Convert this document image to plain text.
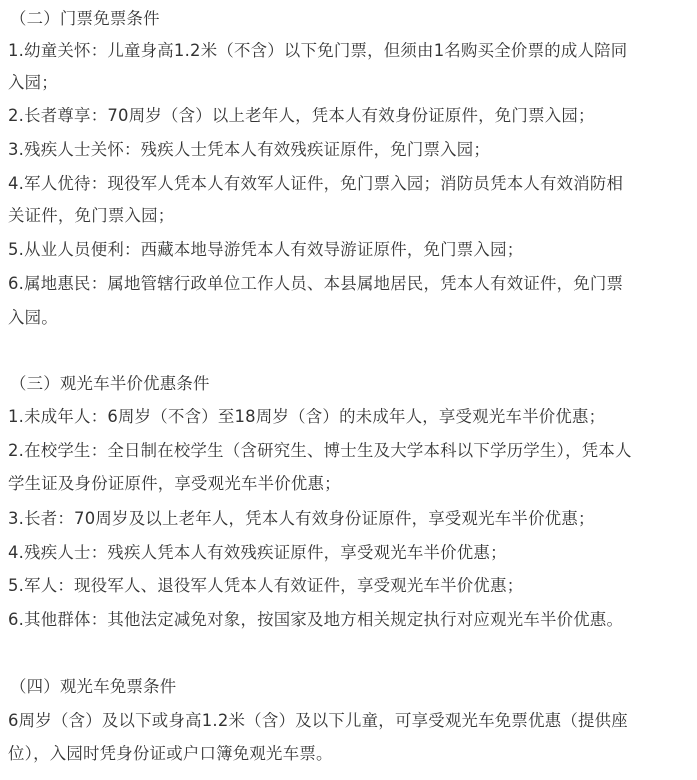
（二）门票免票条件
1.幼童关怀：儿童身高1.2米（不含）以下免门票，但须由1名购买全价票的成人陪同
入园；
2.长者尊享：70周岁（含）以上老年人，凭本人有效身份证原件，免门票入园；
3.残疾人士关怀：残疾人士凭本人有效残疾证原件，免门票入园；
4.军人优待：现役军人凭本人有效军人证件，免门票入园；消防员凭本人有效消防相
关证件，免门票入园；
5.从业人员便利：西藏本地导游凭本人有效导游证原件，免门票入园；
6.属地惠民：属地管辖行政单位工作人员、本县属地居民，凭本人有效证件，免门票
入园。
（三）观光车半价优惠条件
1.未成年人：6周岁（不含）至18周岁（含）的未成年人，享受观光车半价优惠；
2.在校学生：全日制在校学生（含研究生、博士生及大学本科以下学历学生），凭本人
学生证及身份证原件，享受观光车半价优惠；
3.长者：70周岁及以上老年人，凭本人有效身份证原件，享受观光车半价优惠；
4.残疾人士：残疾人凭本人有效残疾证原件，享受观光车半价优惠；
5.军人：现役军人、退役军人凭本人有效证件，享受观光车半价优惠；
6.其他群体：其他法定减免对象，按国家及地方相关规定执行对应观光车半价优惠。
（四）观光车免票条件
6周岁（含）及以下或身高1.2米（含）及以下儿童，可享受观光车免票优惠（提供座
位），入园时凭身份证或户口簿免观光车票。
